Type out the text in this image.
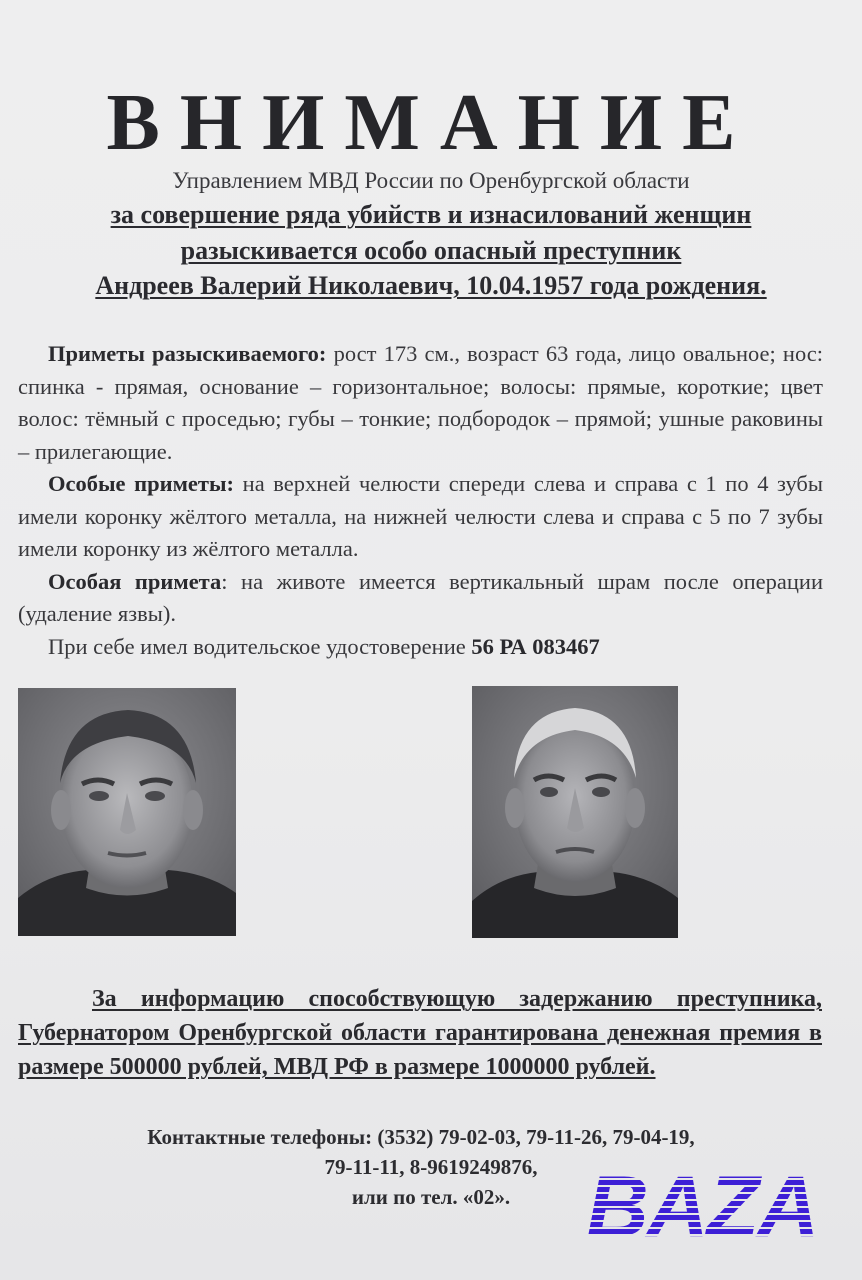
ВНИМАНИЕ
Управлением МВД России по Оренбургской области
за совершение ряда убийств и изнасилований женщин
разыскивается особо опасный преступник
Андреев Валерий Николаевич, 10.04.1957 года рождения.

Приметы разыскиваемого: рост 173 см., возраст 63 года, лицо овальное; нос: спинка - прямая, основание – горизонтальное; волосы: прямые, короткие; цвет волос: тёмный с проседью; губы – тонкие; подбородок – прямой; ушные раковины – прилегающие.

Особые приметы: на верхней челюсти спереди слева и справа с 1 по 4 зубы имели коронку жёлтого металла, на нижней челюсти слева и справа с 5 по 7 зубы имели коронку из жёлтого металла.

Особая примета: на животе имеется вертикальный шрам после операции (удаление язвы).

При себе имел водительское удостоверение 56 РА 083467

За информацию способствующую задержанию преступника, Губернатором Оренбургской области гарантирована денежная премия в размере 500000 рублей, МВД РФ в размере 1000000 рублей.

Контактные телефоны: (3532) 79-02-03, 79-11-26, 79-04-19,
79-11-11, 8-9619249876,
или по тел. «02».
